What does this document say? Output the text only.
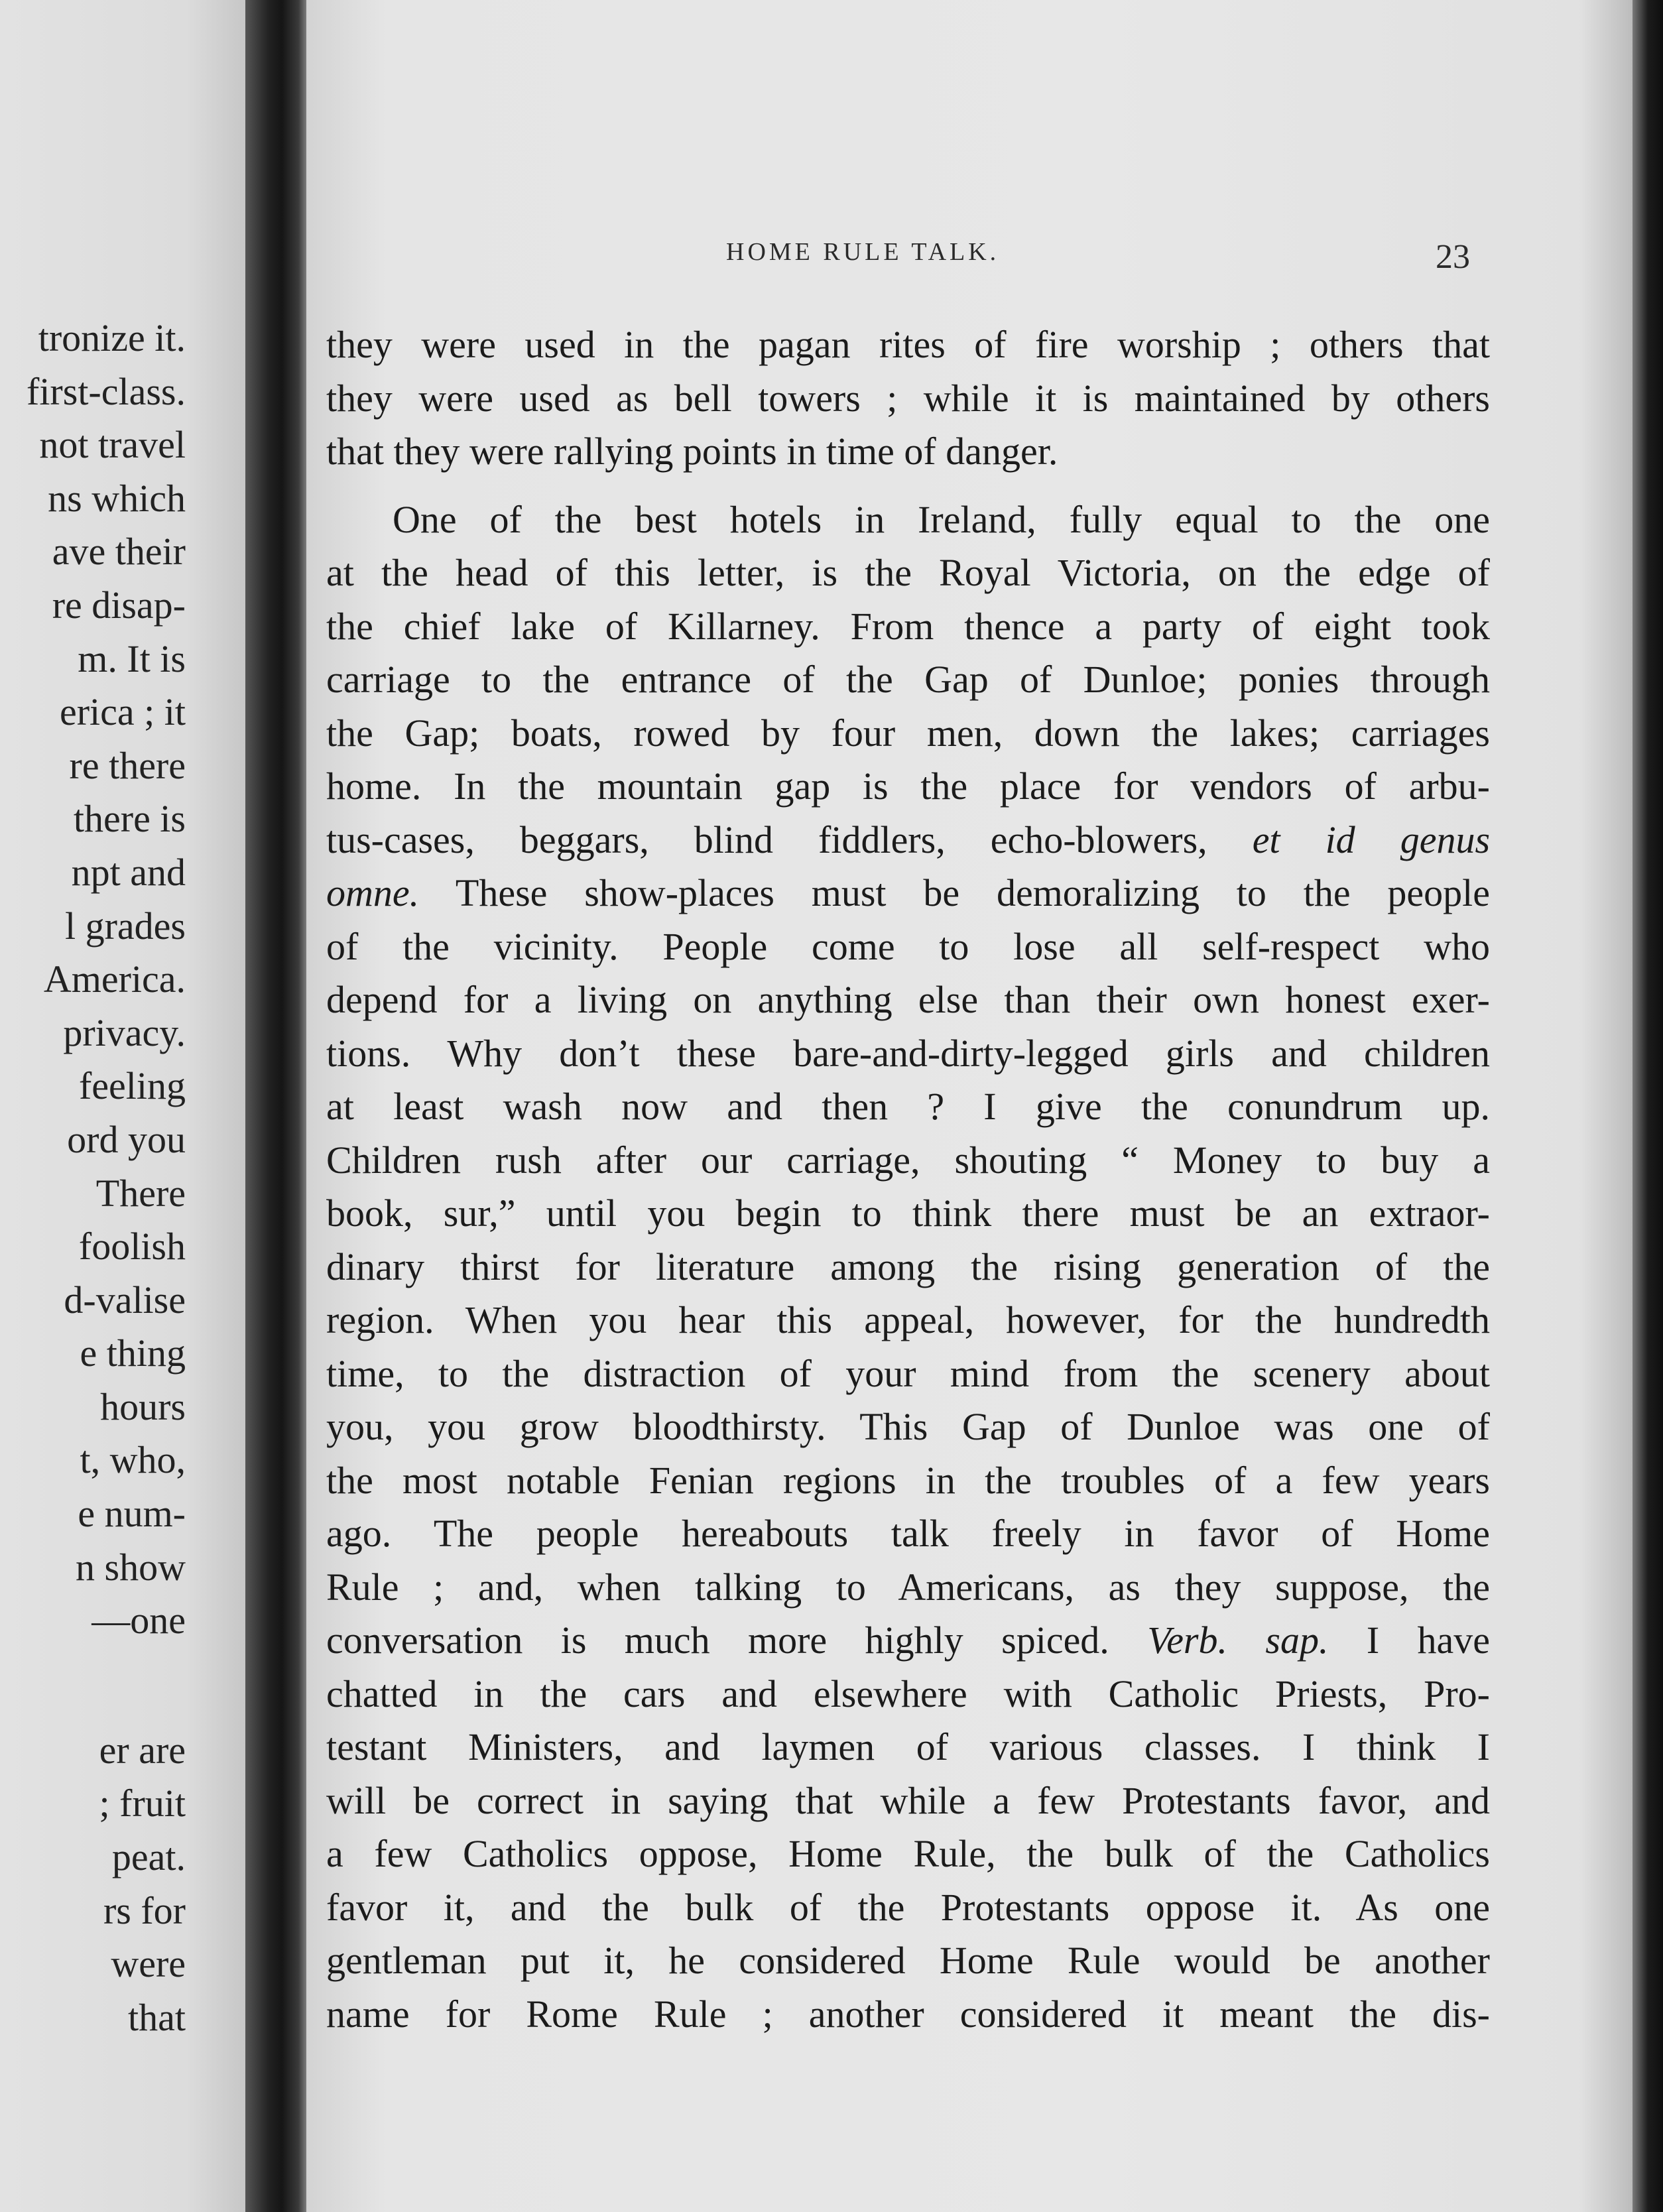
tronize it.
first-class.
not travel
ns which
ave their
re disap-
m. It is
erica ; it
re there
there is
npt and
l grades
America.
privacy.
feeling
ord you
There
foolish
d-valise
e thing
hours
t, who,
e num-
n show
—one
er are
; fruit
peat.
rs for
were
that
HOME RULE TALK.	23
they were used in the pagan rites of fire worship ; others that
they were used as bell towers ; while it is maintained by others
that they were rallying points in time of danger.
One of the best hotels in Ireland, fully equal to the one
at the head of this letter, is the Royal Victoria, on the edge of
the chief lake of Killarney. From thence a party of eight took
carriage to the entrance of the Gap of Dunloe; ponies through
the Gap; boats, rowed by four men, down the lakes; carriages
home. In the mountain gap is the place for vendors of arbu-
tus-cases, beggars, blind fiddlers, echo-blowers, et id genus
omne. These show-places must be demoralizing to the people
of the vicinity. People come to lose all self-respect who
depend for a living on anything else than their own honest exer-
tions. Why don’t these bare-and-dirty-legged girls and children
at least wash now and then ? I give the conundrum up.
Children rush after our carriage, shouting “ Money to buy a
book, sur,” until you begin to think there must be an extraor-
dinary thirst for literature among the rising generation of the
region. When you hear this appeal, however, for the hundredth
time, to the distraction of your mind from the scenery about
you, you grow bloodthirsty. This Gap of Dunloe was one of
the most notable Fenian regions in the troubles of a few years
ago. The people hereabouts talk freely in favor of Home
Rule ; and, when talking to Americans, as they suppose, the
conversation is much more highly spiced. Verb. sap. I have
chatted in the cars and elsewhere with Catholic Priests, Pro-
testant Ministers, and laymen of various classes. I think I
will be correct in saying that while a few Protestants favor, and
a few Catholics oppose, Home Rule, the bulk of the Catholics
favor it, and the bulk of the Protestants oppose it. As one
gentleman put it, he considered Home Rule would be another
name for Rome Rule ; another considered it meant the dis-
